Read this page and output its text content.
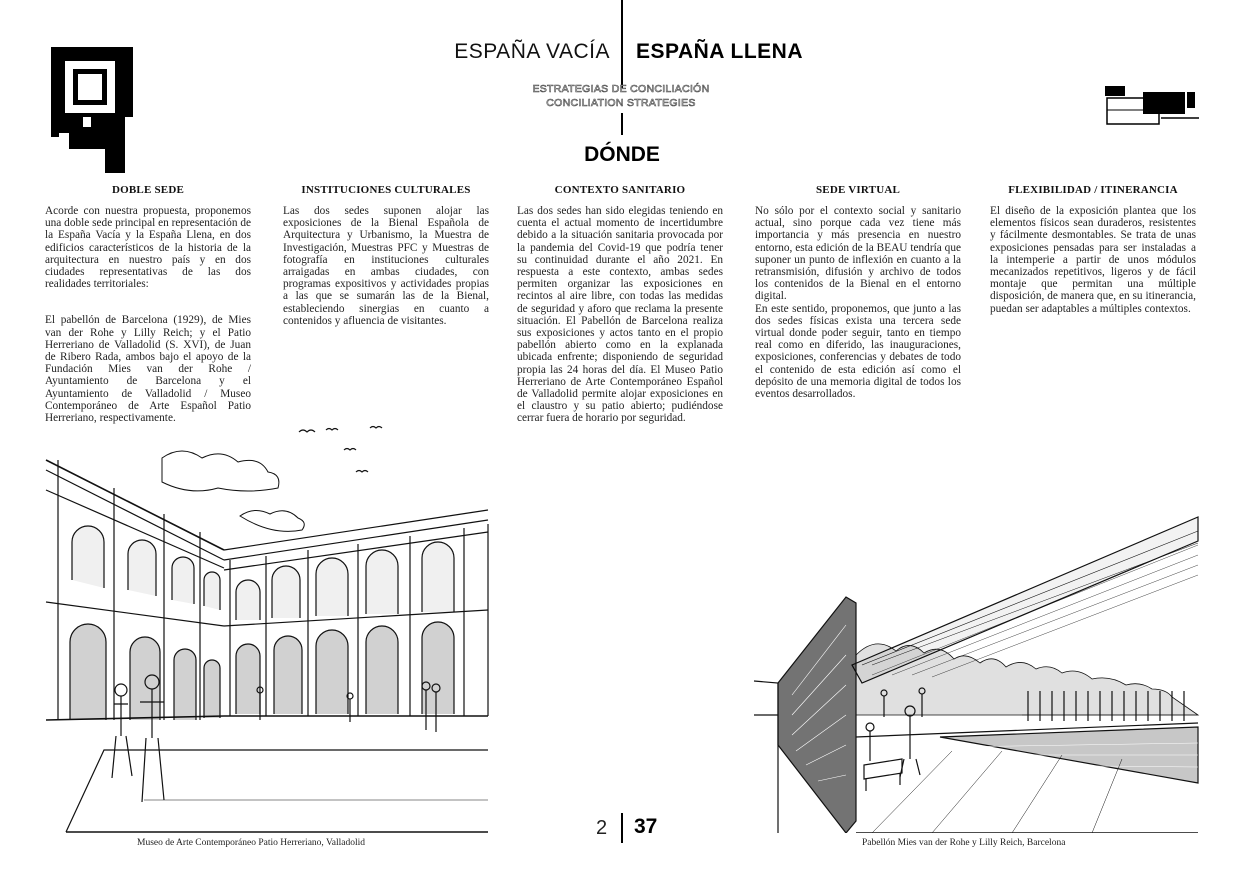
ESPAÑA VACÍA ESPAÑA LLENA
ESTRATEGIAS DE CONCILIACIÓN
CONCILIATION STRATEGIES
DÓNDE
DOBLE SEDE

Acorde con nuestra propuesta, proponemos una doble sede principal en representación de la España Vacía y la España Llena, en dos edificios característicos de la historia de la arquitectura en nuestro país y en dos ciudades representativas de las dos realidades territoriales:

El pabellón de Barcelona (1929), de Mies van der Rohe y Lilly Reich; y el Patio Herreriano de Valladolid (S. XVI), de Juan de Ribero Rada, ambos bajo el apoyo de la Fundación Mies van der Rohe / Ayuntamiento de Barcelona y el Ayuntamiento de Valladolid / Museo Contemporáneo de Arte Español Patio Herreriano, respectivamente.

INSTITUCIONES CULTURALES

Las dos sedes suponen alojar las exposiciones de la Bienal Española de Arquitectura y Urbanismo, la Muestra de Investigación, Muestras PFC y Muestras de fotografía en instituciones culturales arraigadas en ambas ciudades, con programas expositivos y actividades propias a las que se sumarán las de la Bienal, estableciendo sinergias en cuanto a contenidos y afluencia de visitantes.

CONTEXTO SANITARIO

Las dos sedes han sido elegidas teniendo en cuenta el actual momento de incertidumbre debido a la situación sanitaria provocada por la pandemia del Covid-19 que podría tener su continuidad durante el año 2021. En respuesta a este contexto, ambas sedes permiten organizar las exposiciones en recintos al aire libre, con todas las medidas de seguridad y aforo que reclama la presente situación. El Pabellón de Barcelona realiza sus exposiciones y actos tanto en el propio pabellón abierto como en la explanada ubicada enfrente; disponiendo de seguridad propia las 24 horas del día. El Museo Patio Herreriano de Arte Contemporáneo Español de Valladolid permite alojar exposiciones en el claustro y su patio abierto; pudiéndose cerrar fuera de horario por seguridad.

SEDE VIRTUAL

No sólo por el contexto social y sanitario actual, sino porque cada vez tiene más importancia y más presencia en nuestro entorno, esta edición de la BEAU tendría que suponer un punto de inflexión en cuanto a la retransmisión, difusión y archivo de todos los contenidos de la Bienal en el entorno digital.

En este sentido, proponemos, que junto a las dos sedes físicas exista una tercera sede virtual donde poder seguir, tanto en tiempo real como en diferido, las inauguraciones, exposiciones, conferencias y debates de todo el contenido de esta edición así como el depósito de una memoria digital de todos los eventos desarrollados.

FLEXIBILIDAD / ITINERANCIA

El diseño de la exposición plantea que los elementos físicos sean duraderos, resistentes y fácilmente desmontables. Se trata de unas exposiciones pensadas para ser instaladas a la intemperie a partir de unos módulos mecanizados repetitivos, ligeros y de fácil montaje que permitan una múltiple disposición, de manera que, en su itinerancia, puedan ser adaptables a múltiples contextos.

Museo de Arte Contemporáneo Patio Herreriano, Valladolid	Pabellón Mies van der Rohe y Lilly Reich, Barcelona
2 37
